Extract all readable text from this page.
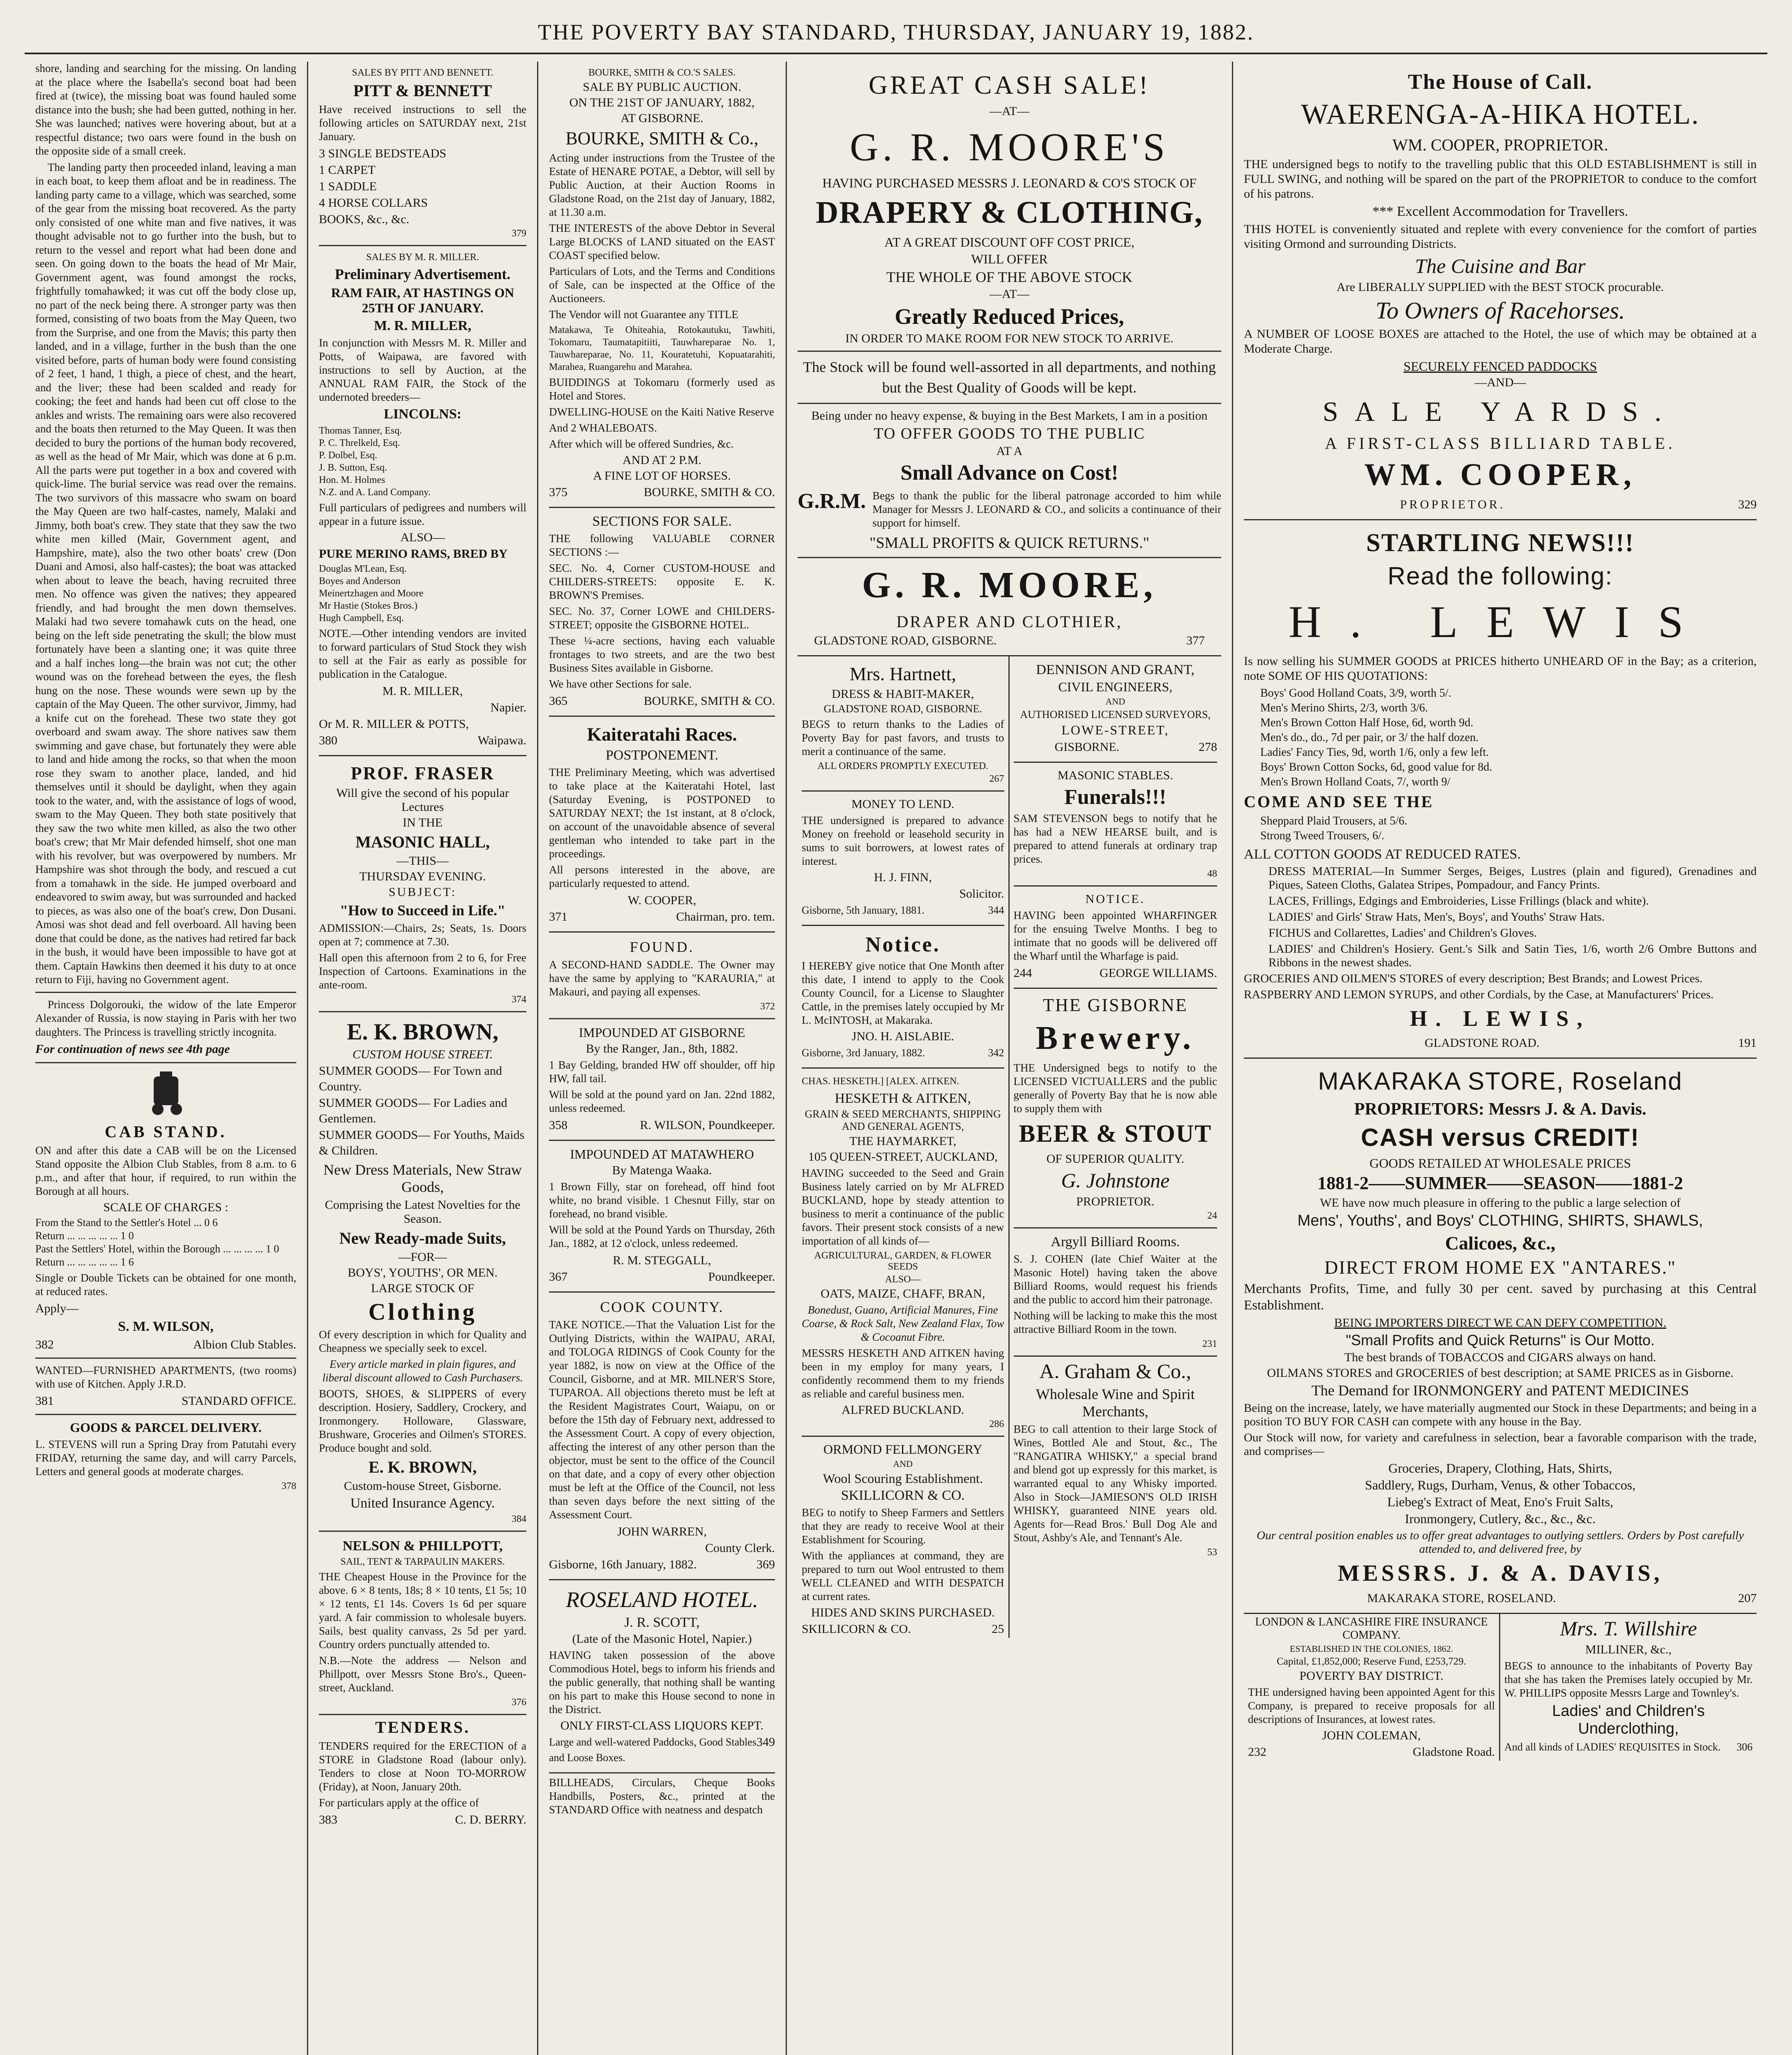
THE POVERTY BAY STANDARD, THURSDAY, JANUARY 19, 1882.

shore, landing and searching for the missing. On landing at the place where the Isabella's second boat had been fired at (twice), the missing boat was found hauled some distance into the bush; she had been gutted, nothing in her. She was launched; natives were hovering about, but at a respectful distance; two oars were found in the bush on the opposite side of a small creek.

The landing party then proceeded inland, leaving a man in each boat, to keep them afloat and be in readiness. The landing party came to a village, which was searched, some of the gear from the missing boat recovered. As the party only consisted of one white man and five natives, it was thought advisable not to go further into the bush, but to return to the vessel and report what had been done and seen. On going down to the boats the head of Mr Mair, Government agent, was found amongst the rocks, frightfully tomahawked; it was cut off the body close up, no part of the neck being there. A stronger party was then formed, consisting of two boats from the May Queen, two from the Surprise, and one from the Mavis; this party then landed, and in a village, further in the bush than the one visited before, parts of human body were found consisting of 2 feet, 1 hand, 1 thigh, a piece of chest, and the heart, and the liver; these had been scalded and ready for cooking; the feet and hands had been cut off close to the ankles and wrists. The remaining oars were also recovered and the boats then returned to the May Queen. It was then decided to bury the portions of the human body recovered, as well as the head of Mr Mair, which was done at 6 p.m. All the parts were put together in a box and covered with quick-lime. The burial service was read over the remains. The two survivors of this massacre who swam on board the May Queen are two half-castes, namely, Malaki and Jimmy, both boat's crew. They state that they saw the two white men killed (Mair, Government agent, and Hampshire, mate), also the two other boats' crew (Don Duani and Amosi, also half-castes); the boat was attacked when about to leave the beach, having recruited three men. No offence was given the natives; they appeared friendly, and had brought the men down themselves. Malaki had two severe tomahawk cuts on the head, one being on the left side penetrating the skull; the blow must fortunately have been a slanting one; it was quite three and a half inches long—the brain was not cut; the other wound was on the forehead between the eyes, the flesh hung on the nose. These wounds were sewn up by the captain of the May Queen. The other survivor, Jimmy, had a knife cut on the forehead. These two state they got overboard and swam away. The shore natives saw them swimming and gave chase, but fortunately they were able to land and hide among the rocks, so that when the moon rose they swam to another place, landed, and hid themselves until it should be daylight, when they again took to the water, and, with the assistance of logs of wood, swam to the May Queen. They both state positively that they saw the two white men killed, as also the two other boat's crew; that Mr Mair defended himself, shot one man with his revolver, but was overpowered by numbers. Mr Hampshire was shot through the body, and rescued a cut from a tomahawk in the side. He jumped overboard and endeavored to swim away, but was surrounded and hacked to pieces, as was also one of the boat's crew, Don Dusani. Amosi was shot dead and fell overboard. All having been done that could be done, as the natives had retired far back in the bush, it would have been impossible to have got at them. Captain Hawkins then deemed it his duty to at once return to Fiji, having no Government agent.

Princess Dolgorouki, the widow of the late Emperor Alexander of Russia, is now staying in Paris with her two daughters. The Princess is travelling strictly incognita.

For continuation of news see 4th page

CAB STAND.

ON and after this date a CAB will be on the Licensed Stand opposite the Albion Club Stables, from 8 a.m. to 6 p.m., and after that hour, if required, to run within the Borough at all hours.

SCALE OF CHARGES :
From the Stand to the Settler's Hotel ... 0 6
Return ... ... ... ... ... 1 0
Past the Settlers' Hotel, within the Borough ... ... ... ... 1 0
Return ... ... ... ... ... 1 6

Single or Double Tickets can be obtained for one month, at reduced rates.

Apply—
S. M. WILSON,
382	Albion Club Stables.

WANTED—FURNISHED APARTMENTS, (two rooms) with use of Kitchen. Apply J.R.D.

381	STANDARD OFFICE.
GOODS & PARCEL DELIVERY.

L. STEVENS will run a Spring Dray from Patutahi every FRIDAY, returning the same day, and will carry Parcels, Letters and general goods at moderate charges.

378
SALES BY PITT AND BENNETT.
PITT & BENNETT

Have received instructions to sell the following articles on SATURDAY next, 21st January.

3 SINGLE BEDSTEADS
1 CARPET
1 SADDLE
4 HORSE COLLARS
BOOKS, &c., &c.
379
SALES BY M. R. MILLER.
Preliminary Advertisement.
RAM FAIR, AT HASTINGS ON 25TH OF JANUARY.
M. R. MILLER,

In conjunction with Messrs M. R. Miller and Potts, of Waipawa, are favored with instructions to sell by Auction, at the ANNUAL RAM FAIR, the Stock of the undernoted breeders—

LINCOLNS:
Thomas Tanner, Esq.
P. C. Threlkeld, Esq.
P. Dolbel, Esq.
J. B. Sutton, Esq.
Hon. M. Holmes
N.Z. and A. Land Company.

Full particulars of pedigrees and numbers will appear in a future issue.

ALSO—
PURE MERINO RAMS, BRED BY
Douglas M'Lean, Esq.
Boyes and Anderson
Meinertzhagen and Moore
Mr Hastie (Stokes Bros.)
Hugh Campbell, Esq.

NOTE.—Other intending vendors are invited to forward particulars of Stud Stock they wish to sell at the Fair as early as possible for publication in the Catalogue.

M. R. MILLER,
Napier.
Or M. R. MILLER & POTTS,
380	Waipawa.
PROF. FRASER
Will give the second of his popular Lectures
IN THE
MASONIC HALL,
—THIS—
THURSDAY EVENING.
SUBJECT:
"How to Succeed in Life."

ADMISSION:—Chairs, 2s; Seats, 1s. Doors open at 7; commence at 7.30.

Hall open this afternoon from 2 to 6, for Free Inspection of Cartoons. Examinations in the ante-room.

374
E. K. BROWN,
CUSTOM HOUSE STREET.
SUMMER GOODS— For Town and Country.
SUMMER GOODS— For Ladies and Gentlemen.
SUMMER GOODS— For Youths, Maids & Children.
New Dress Materials, New Straw Goods,
Comprising the Latest Novelties for the Season.
New Ready-made Suits,
—FOR—
BOYS', YOUTHS', OR MEN.
LARGE STOCK OF
Clothing

Of every description in which for Quality and Cheapness we specially seek to excel.

Every article marked in plain figures, and liberal discount allowed to Cash Purchasers.

BOOTS, SHOES, & SLIPPERS of every description. Hosiery, Saddlery, Crockery, and Ironmongery. Holloware, Glassware, Brushware, Groceries and Oilmen's STORES. Produce bought and sold.

E. K. BROWN,
Custom-house Street, Gisborne.
United Insurance Agency.
384
NELSON & PHILLPOTT,
SAIL, TENT & TARPAULIN MAKERS.

THE Cheapest House in the Province for the above. 6 × 8 tents, 18s; 8 × 10 tents, £1 5s; 10 × 12 tents, £1 14s. Covers 1s 6d per square yard. A fair commission to wholesale buyers. Sails, best quality canvass, 2s 5d per yard. Country orders punctually attended to.

N.B.—Note the address — Nelson and Phillpott, over Messrs Stone Bro's., Queen-street, Auckland.

376
TENDERS.

TENDERS required for the ERECTION of a STORE in Gladstone Road (labour only). Tenders to close at Noon TO-MORROW (Friday), at Noon, January 20th.

For particulars apply at the office of

383	C. D. BERRY.
BOURKE, SMITH & CO.'S SALES.
SALE BY PUBLIC AUCTION.
ON THE 21ST OF JANUARY, 1882,
AT GISBORNE.
BOURKE, SMITH & Co.,

Acting under instructions from the Trustee of the Estate of HENARE POTAE, a Debtor, will sell by Public Auction, at their Auction Rooms in Gladstone Road, on the 21st day of January, 1882, at 11.30 a.m.

THE INTERESTS of the above Debtor in Several Large BLOCKS of LAND situated on the EAST COAST specified below.

Particulars of Lots, and the Terms and Conditions of Sale, can be inspected at the Office of the Auctioneers.

The Vendor will not Guarantee any TITLE

Matakawa, Te Ohiteahia, Rotokautuku, Tawhiti, Tokomaru, Taumatapitiiti, Tauwhareparae No. 1, Tauwhareparae, No. 11, Kouratetuhi, Kopuatarahiti, Marahea, Ruangarehu and Marahea.

BUIDDINGS at Tokomaru (formerly used as Hotel and Stores.

DWELLING-HOUSE on the Kaiti Native Reserve

And 2 WHALEBOATS.

After which will be offered Sundries, &c.

AND AT 2 P.M.
A FINE LOT OF HORSES.
375	BOURKE, SMITH & CO.
SECTIONS FOR SALE.

THE following VALUABLE CORNER SECTIONS :—

SEC. No. 4, Corner CUSTOM-HOUSE and CHILDERS-STREETS: opposite E. K. BROWN'S Premises.

SEC. No. 37, Corner LOWE and CHILDERS-STREET; opposite the GISBORNE HOTEL.

These ¼-acre sections, having each valuable frontages to two streets, and are the two best Business Sites available in Gisborne.

We have other Sections for sale.

365	BOURKE, SMITH & CO.
Kaiteratahi Races.
POSTPONEMENT.

THE Preliminary Meeting, which was advertised to take place at the Kaiteratahi Hotel, last (Saturday Evening, is POSTPONED to SATURDAY NEXT; the 1st instant, at 8 o'clock, on account of the unavoidable absence of several gentleman who intended to take part in the proceedings.

All persons interested in the above, are particularly requested to attend.

W. COOPER,
371	Chairman, pro. tem.
FOUND.

A SECOND-HAND SADDLE. The Owner may have the same by applying to "KARAURIA," at Makauri, and paying all expenses.

372
IMPOUNDED AT GISBORNE
By the Ranger, Jan., 8th, 1882.

1 Bay Gelding, branded HW off shoulder, off hip HW, fall tail.

Will be sold at the pound yard on Jan. 22nd 1882, unless redeemed.

358	R. WILSON, Poundkeeper.
IMPOUNDED AT MATAWHERO
By Matenga Waaka.

1 Brown Filly, star on forehead, off hind foot white, no brand visible. 1 Chesnut Filly, star on forehead, no brand visible.

Will be sold at the Pound Yards on Thursday, 26th Jan., 1882, at 12 o'clock, unless redeemed.

R. M. STEGGALL,
367	Poundkeeper.
COOK COUNTY.

TAKE NOTICE.—That the Valuation List for the Outlying Districts, within the WAIPAU, ARAI, and TOLOGA RIDINGS of Cook County for the year 1882, is now on view at the Office of the Council, Gisborne, and at MR. MILNER'S Store, TUPAROA. All objections thereto must be left at the Resident Magistrates Court, Waiapu, on or before the 15th day of February next, addressed to the Assessment Court. A copy of every objection, affecting the interest of any other person than the objector, must be sent to the office of the Council on that date, and a copy of every other objection must be left at the Office of the Council, not less than seven days before the next sitting of the Assessment Court.

JOHN WARREN,
County Clerk.
Gisborne, 16th January, 1882.	369
ROSELAND HOTEL.
J. R. SCOTT,
(Late of the Masonic Hotel, Napier.)

HAVING taken possession of the above Commodious Hotel, begs to inform his friends and the public generally, that nothing shall be wanting on his part to make this House second to none in the District.

ONLY FIRST-CLASS LIQUORS KEPT.
Large and well-watered Paddocks, Good Stables and Loose Boxes.
349

BILLHEADS, Circulars, Cheque Books Handbills, Posters, &c., printed at the STANDARD Office with neatness and despatch

GREAT CASH SALE!
—AT—
G. R. MOORE'S
HAVING PURCHASED MESSRS J. LEONARD & CO'S STOCK OF
DRAPERY & CLOTHING,
AT A GREAT DISCOUNT OFF COST PRICE,
WILL OFFER
THE WHOLE OF THE ABOVE STOCK
—AT—
Greatly Reduced Prices,
IN ORDER TO MAKE ROOM FOR NEW STOCK TO ARRIVE.

The Stock will be found well-assorted in all departments, and nothing but the Best Quality of Goods will be kept.

Being under no heavy expense, & buying in the Best Markets, I am in a position
TO OFFER GOODS TO THE PUBLIC
AT A
Small Advance on Cost!
G.R.M. Begs to thank the public for the liberal patronage accorded to him while Manager for Messrs J. LEONARD & CO., and solicits a continuance of their support for himself.
"SMALL PROFITS & QUICK RETURNS."
G. R. MOORE,
DRAPER AND CLOTHIER,
GLADSTONE ROAD, GISBORNE.	377
Mrs. Hartnett,
DRESS & HABIT-MAKER,
GLADSTONE ROAD, GISBORNE.

BEGS to return thanks to the Ladies of Poverty Bay for past favors, and trusts to merit a continuance of the same.

ALL ORDERS PROMPTLY EXECUTED.
267
MONEY TO LEND.

THE undersigned is prepared to advance Money on freehold or leasehold security in sums to suit borrowers, at lowest rates of interest.

H. J. FINN,
Solicitor.
Gisborne, 5th January, 1881.	344
Notice.

I HEREBY give notice that One Month after this date, I intend to apply to the Cook County Council, for a License to Slaughter Cattle, in the premises lately occupied by Mr L. McINTOSH, at Makaraka.

JNO. H. AISLABIE.
Gisborne, 3rd January, 1882.	342
CHAS. HESKETH.] [ALEX. AITKEN.
HESKETH & AITKEN,
GRAIN & SEED MERCHANTS, SHIPPING AND GENERAL AGENTS,
THE HAYMARKET,
105 QUEEN-STREET, AUCKLAND,

HAVING succeeded to the Seed and Grain Business lately carried on by Mr ALFRED BUCKLAND, hope by steady attention to business to merit a continuance of the public favors. Their present stock consists of a new importation of all kinds of—

AGRICULTURAL, GARDEN, & FLOWER SEEDS
ALSO—
OATS, MAIZE, CHAFF, BRAN,

Bonedust, Guano, Artificial Manures, Fine Coarse, & Rock Salt, New Zealand Flax, Tow & Cocoanut Fibre.

MESSRS HESKETH AND AITKEN having been in my employ for many years, I confidently recommend them to my friends as reliable and careful business men.

ALFRED BUCKLAND.
286
ORMOND FELLMONGERY
AND
Wool Scouring Establishment.
SKILLICORN & CO.

BEG to notify to Sheep Farmers and Settlers that they are ready to receive Wool at their Establishment for Scouring.

With the appliances at command, they are prepared to turn out Wool entrusted to them WELL CLEANED and WITH DESPATCH at current rates.

HIDES AND SKINS PURCHASED.
SKILLICORN & CO.	25
DENNISON AND GRANT,
CIVIL ENGINEERS,
AND
AUTHORISED LICENSED SURVEYORS,
LOWE-STREET,
GISBORNE.	278
MASONIC STABLES.
Funerals!!!

SAM STEVENSON begs to notify that he has had a NEW HEARSE built, and is prepared to attend funerals at ordinary trap prices.

48
NOTICE.

HAVING been appointed WHARFINGER for the ensuing Twelve Months. I beg to intimate that no goods will be delivered off the Wharf until the Wharfage is paid.

244	GEORGE WILLIAMS.
THE GISBORNE
Brewery.

THE Undersigned begs to notify to the LICENSED VICTUALLERS and the public generally of Poverty Bay that he is now able to supply them with

BEER & STOUT
OF SUPERIOR QUALITY.
G. Johnstone
PROPRIETOR.
24
Argyll Billiard Rooms.

S. J. COHEN (late Chief Waiter at the Masonic Hotel) having taken the above Billiard Rooms, would request his friends and the public to accord him their patronage.

Nothing will be lacking to make this the most attractive Billiard Room in the town.

231
A. Graham & Co.,
Wholesale Wine and Spirit Merchants,

BEG to call attention to their large Stock of Wines, Bottled Ale and Stout, &c., The "RANGATIRA WHISKY," a special brand and blend got up expressly for this market, is warranted equal to any Whisky imported. Also in Stock—JAMIESON'S OLD IRISH WHISKY, guaranteed NINE years old. Agents for—Read Bros.' Bull Dog Ale and Stout, Ashby's Ale, and Tennant's Ale.

53
The House of Call.
WAERENGA-A-HIKA HOTEL.
WM. COOPER, PROPRIETOR.

THE undersigned begs to notify to the travelling public that this OLD ESTABLISHMENT is still in FULL SWING, and nothing will be spared on the part of the PROPRIETOR to conduce to the comfort of his patrons.

*** Excellent Accommodation for Travellers.

THIS HOTEL is conveniently situated and replete with every convenience for the comfort of parties visiting Ormond and surrounding Districts.

The Cuisine and Bar
Are LIBERALLY SUPPLIED with the BEST STOCK procurable.
To Owners of Racehorses.

A NUMBER OF LOOSE BOXES are attached to the Hotel, the use of which may be obtained at a Moderate Charge.

SECURELY FENCED PADDOCKS
—AND—
SALE YARDS.
A FIRST-CLASS BILLIARD TABLE.
WM. COOPER,
PROPRIETOR.	329
STARTLING NEWS!!!
Read the following:
H. LEWIS

Is now selling his SUMMER GOODS at PRICES hitherto UNHEARD OF in the Bay; as a criterion, note SOME OF HIS QUOTATIONS:

Boys' Good Holland Coats, 3/9, worth 5/.
Men's Merino Shirts, 2/3, worth 3/6.
Men's Brown Cotton Half Hose, 6d, worth 9d.
Men's do., do., 7d per pair, or 3/ the half dozen.
Ladies' Fancy Ties, 9d, worth 1/6, only a few left.
Boys' Brown Cotton Socks, 6d, good value for 8d.
Men's Brown Holland Coats, 7/, worth 9/
COME AND SEE THE
Sheppard Plaid Trousers, at 5/6.
Strong Tweed Trousers, 6/.
ALL COTTON GOODS AT REDUCED RATES.

DRESS MATERIAL—In Summer Serges, Beiges, Lustres (plain and figured), Grenadines and Piques, Sateen Cloths, Galatea Stripes, Pompadour, and Fancy Prints.

LACES, Frillings, Edgings and Embroideries, Lisse Frillings (black and white).

LADIES' and Girls' Straw Hats, Men's, Boys', and Youths' Straw Hats.

FICHUS and Collarettes, Ladies' and Children's Gloves.

LADIES' and Children's Hosiery. Gent.'s Silk and Satin Ties, 1/6, worth 2/6 Ombre Buttons and Ribbons in the newest shades.

GROCERIES AND OILMEN'S STORES of every description; Best Brands; and Lowest Prices.

RASPBERRY AND LEMON SYRUPS, and other Cordials, by the Case, at Manufacturers' Prices.

H. LEWIS,
GLADSTONE ROAD.	191
MAKARAKA STORE, Roseland
PROPRIETORS: Messrs J. & A. Davis.
CASH versus CREDIT!
GOODS RETAILED AT WHOLESALE PRICES
1881-2——SUMMER——SEASON——1881-2

WE have now much pleasure in offering to the public a large selection of

Mens', Youths', and Boys' CLOTHING, SHIRTS, SHAWLS,
Calicoes, &c.,
DIRECT FROM HOME EX "ANTARES."

Merchants Profits, Time, and fully 30 per cent. saved by purchasing at this Central Establishment.

BEING IMPORTERS DIRECT WE CAN DEFY COMPETITION.
"Small Profits and Quick Returns" is Our Motto.
The best brands of TOBACCOS and CIGARS always on hand.
OILMANS STORES and GROCERIES of best description; at SAME PRICES as in Gisborne.
The Demand for IRONMONGERY and PATENT MEDICINES

Being on the increase, lately, we have materially augmented our Stock in these Departments; and being in a position TO BUY FOR CASH can compete with any house in the Bay.

Our Stock will now, for variety and carefulness in selection, bear a favorable comparison with the trade, and comprises—

Groceries, Drapery, Clothing, Hats, Shirts,
Saddlery, Rugs, Durham, Venus, & other Tobaccos,
Liebeg's Extract of Meat, Eno's Fruit Salts,
Ironmongery, Cutlery, &c., &c., &c.

Our central position enables us to offer great advantages to outlying settlers. Orders by Post carefully attended to, and delivered free, by

MESSRS. J. & A. DAVIS,
MAKARAKA STORE, ROSELAND.	207
LONDON & LANCASHIRE FIRE INSURANCE COMPANY.
ESTABLISHED IN THE COLONIES, 1862.
Capital, £1,852,000; Reserve Fund, £253,729.
POVERTY BAY DISTRICT.

THE undersigned having been appointed Agent for this Company, is prepared to receive proposals for all descriptions of Insurances, at lowest rates.

JOHN COLEMAN,
232	Gladstone Road.
Mrs. T. Willshire
MILLINER, &c.,

BEGS to announce to the inhabitants of Poverty Bay that she has taken the Premises lately occupied by Mr. W. PHILLIPS opposite Messrs Large and Townley's.

Ladies' and Children's Underclothing,
And all kinds of LADIES' REQUISITES in Stock. 306
